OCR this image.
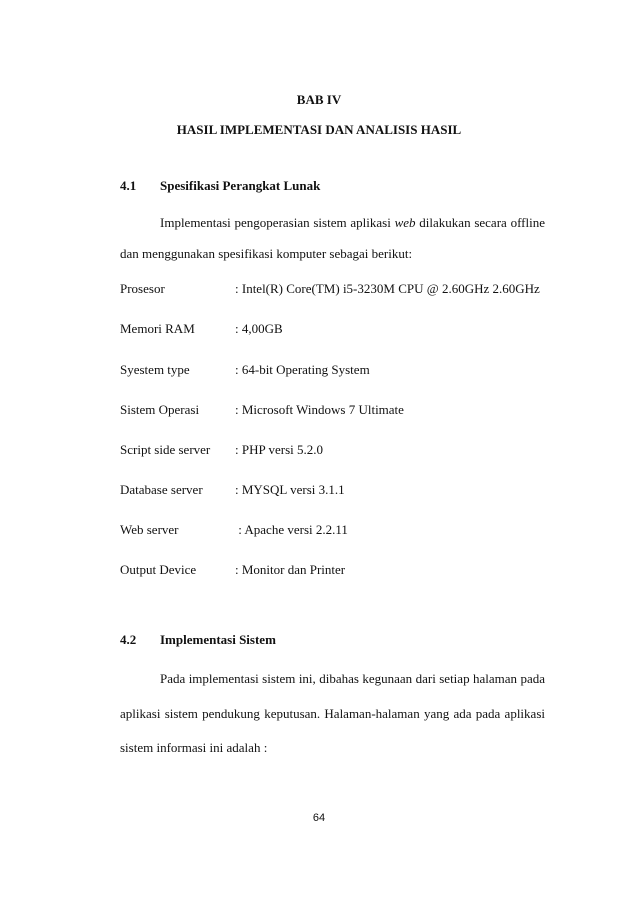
BAB IV
HASIL IMPLEMENTASI DAN ANALISIS HASIL
4.1 Spesifikasi Perangkat Lunak
Implementasi pengoperasian sistem aplikasi web dilakukan secara offline
dan menggunakan spesifikasi komputer sebagai berikut:
Prosesor	: Intel(R) Core(TM) i5-3230M CPU @ 2.60GHz 2.60GHz
Memori RAM	: 4,00GB
Syestem type	: 64-bit Operating System
Sistem Operasi	: Microsoft Windows 7 Ultimate
Script side server : PHP versi 5.2.0
Database server : MYSQL versi 3.1.1
Web server	: Apache versi 2.2.11
Output Device	: Monitor dan Printer
4.2 Implementasi Sistem
Pada implementasi sistem ini, dibahas kegunaan dari setiap halaman pada
aplikasi sistem pendukung keputusan. Halaman-halaman yang ada pada aplikasi
sistem informasi ini adalah :
64
